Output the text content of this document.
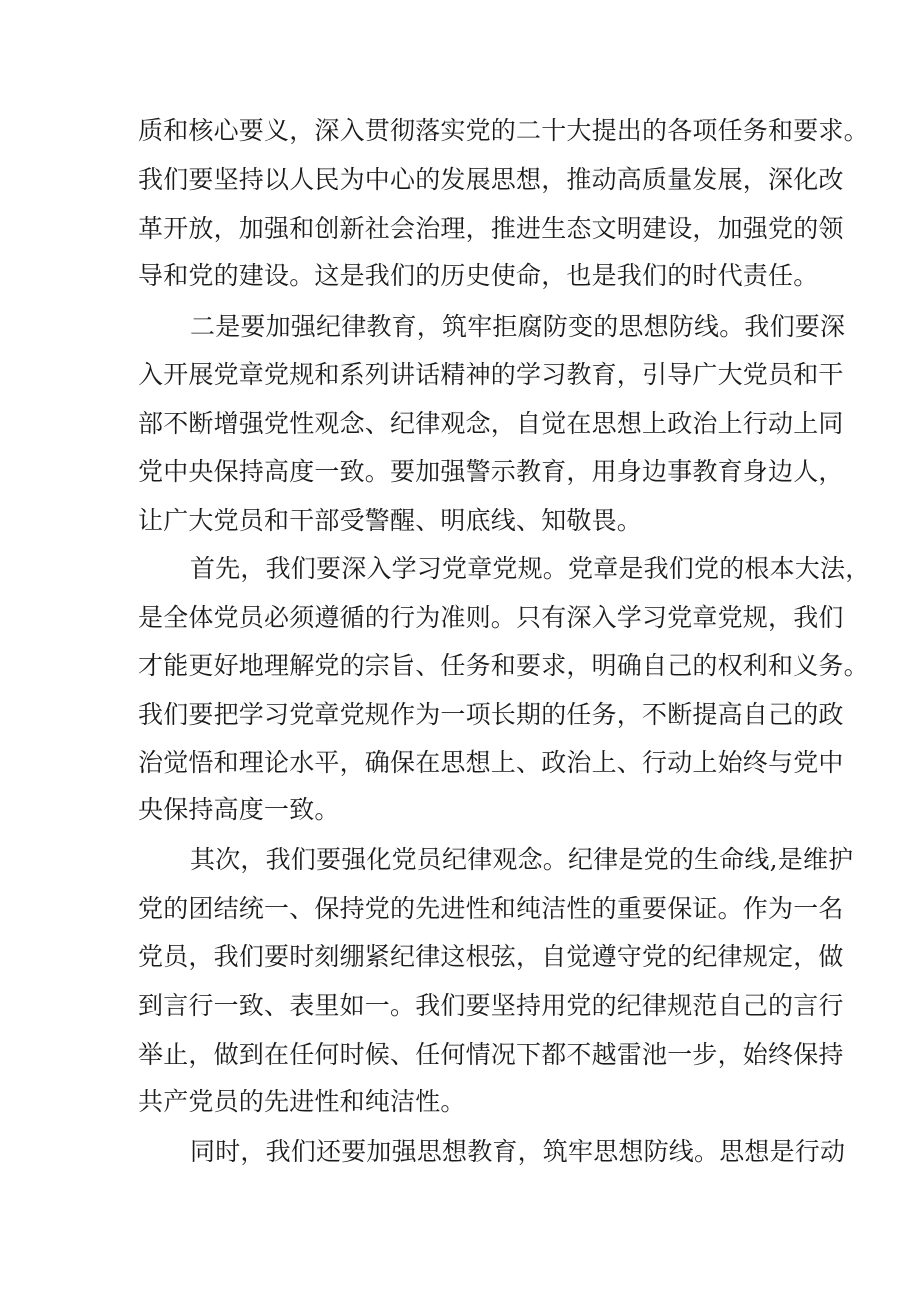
质和核心要义，深入贯彻落实党的二十大提出的各项任务和要求。
我们要坚持以人民为中心的发展思想，推动高质量发展，深化改
革开放，加强和创新社会治理，推进生态文明建设，加强党的领
导和党的建设。这是我们的历史使命，也是我们的时代责任。
二是要加强纪律教育，筑牢拒腐防变的思想防线。我们要深
入开展党章党规和系列讲话精神的学习教育，引导广大党员和干
部不断增强党性观念、纪律观念，自觉在思想上政治上行动上同
党中央保持高度一致。要加强警示教育，用身边事教育身边人，
让广大党员和干部受警醒、明底线、知敬畏。
首先，我们要深入学习党章党规。党章是我们党的根本大法，
是全体党员必须遵循的行为准则。只有深入学习党章党规，我们
才能更好地理解党的宗旨、任务和要求，明确自己的权利和义务。
我们要把学习党章党规作为一项长期的任务，不断提高自己的政
治觉悟和理论水平，确保在思想上、政治上、行动上始终与党中
央保持高度一致。
其次，我们要强化党员纪律观念。纪律是党的生命线,是维护
党的团结统一、保持党的先进性和纯洁性的重要保证。作为一名
党员，我们要时刻绷紧纪律这根弦，自觉遵守党的纪律规定，做
到言行一致、表里如一。我们要坚持用党的纪律规范自己的言行
举止，做到在任何时候、任何情况下都不越雷池一步，始终保持
共产党员的先进性和纯洁性。
同时，我们还要加强思想教育，筑牢思想防线。思想是行动
